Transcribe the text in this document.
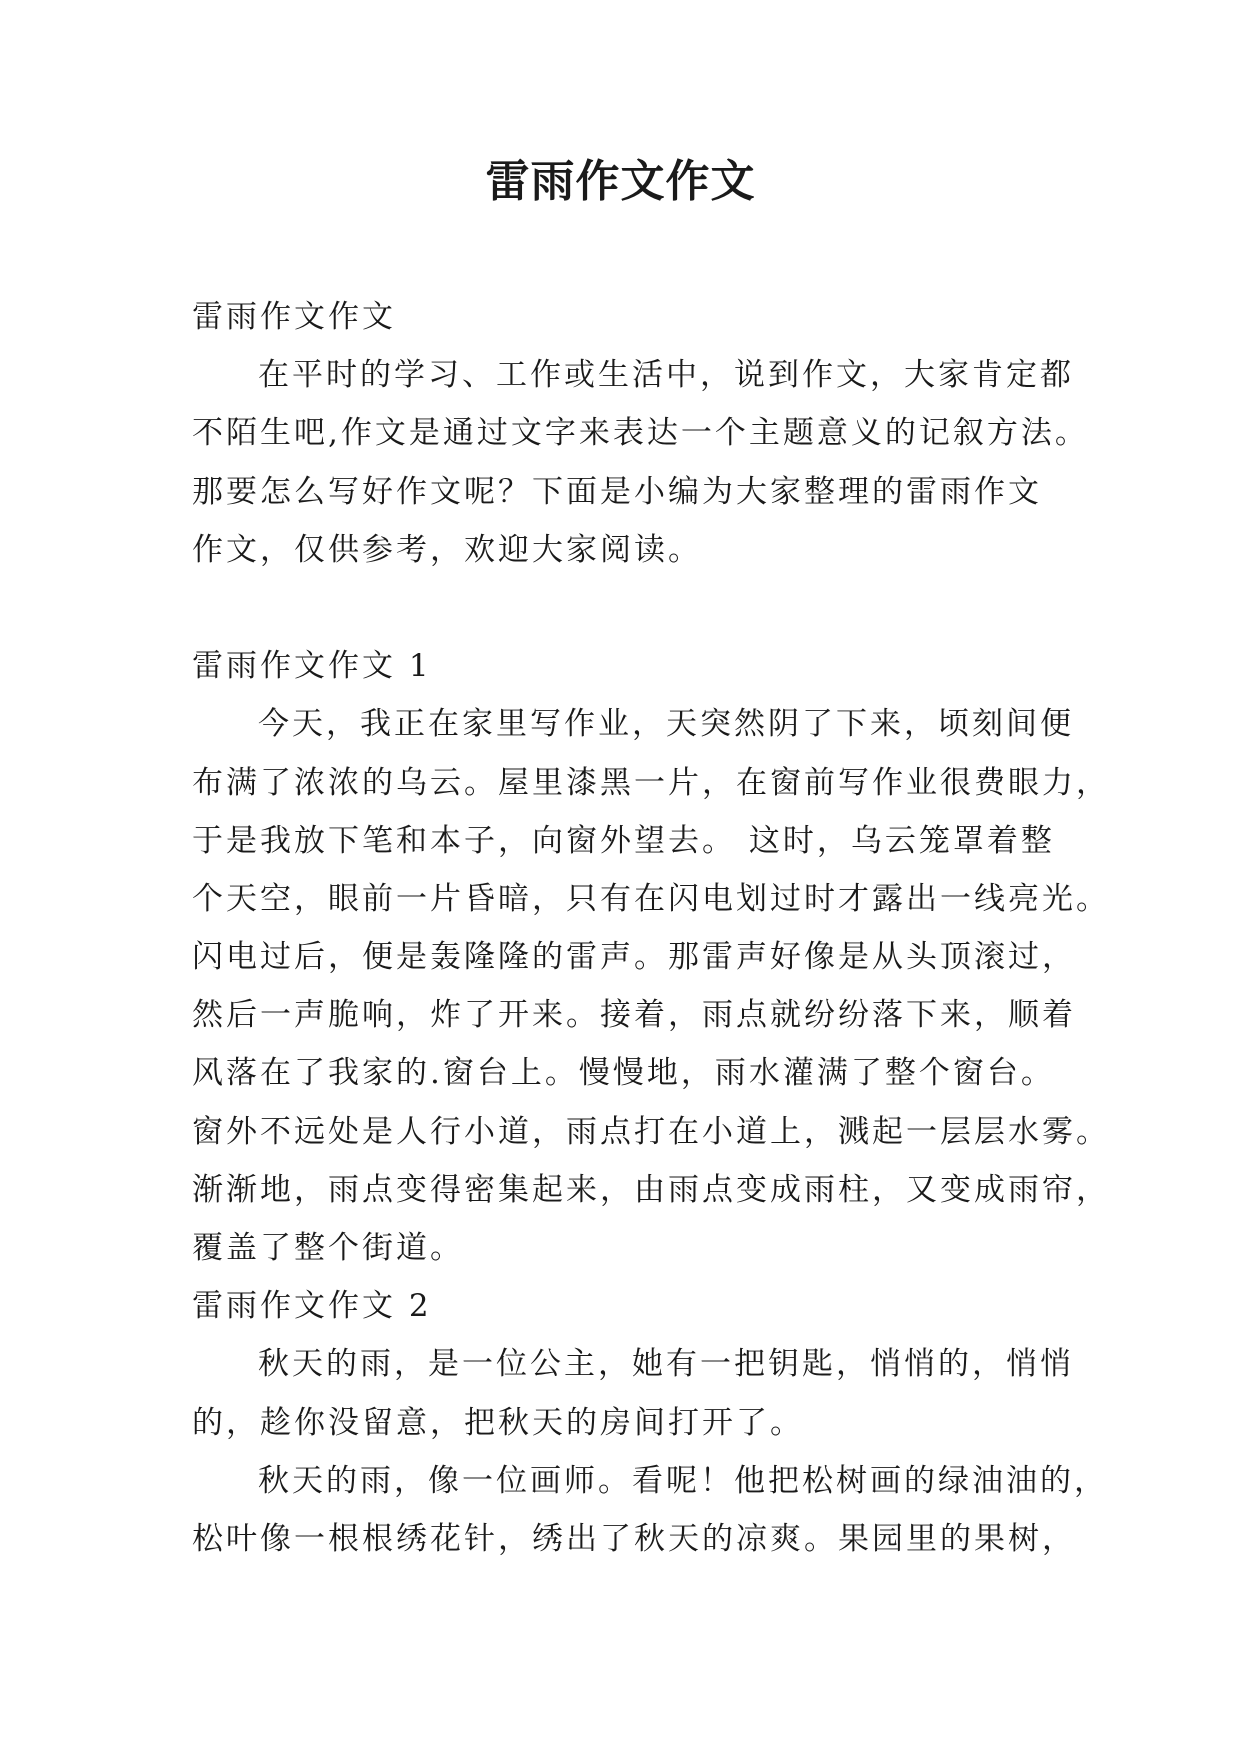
雷雨作文作文
雷雨作文作文
在平时的学习、工作或生活中，说到作文，大家肯定都
不陌生吧,作文是通过文字来表达一个主题意义的记叙方法。
那要怎么写好作文呢？下面是小编为大家整理的雷雨作文
作文，仅供参考，欢迎大家阅读。
雷雨作文作文 1
今天，我正在家里写作业，天突然阴了下来，顷刻间便
布满了浓浓的乌云。屋里漆黑一片，在窗前写作业很费眼力，
于是我放下笔和本子，向窗外望去。 这时，乌云笼罩着整
个天空，眼前一片昏暗，只有在闪电划过时才露出一线亮光。
闪电过后，便是轰隆隆的雷声。那雷声好像是从头顶滚过，
然后一声脆响，炸了开来。接着，雨点就纷纷落下来，顺着
风落在了我家的.窗台上。慢慢地，雨水灌满了整个窗台。
窗外不远处是人行小道，雨点打在小道上，溅起一层层水雾。
渐渐地，雨点变得密集起来，由雨点变成雨柱，又变成雨帘，
覆盖了整个街道。
雷雨作文作文 2
秋天的雨，是一位公主，她有一把钥匙，悄悄的，悄悄
的，趁你没留意，把秋天的房间打开了。
秋天的雨，像一位画师。看呢！他把松树画的绿油油的，
松叶像一根根绣花针，绣出了秋天的凉爽。果园里的果树，
